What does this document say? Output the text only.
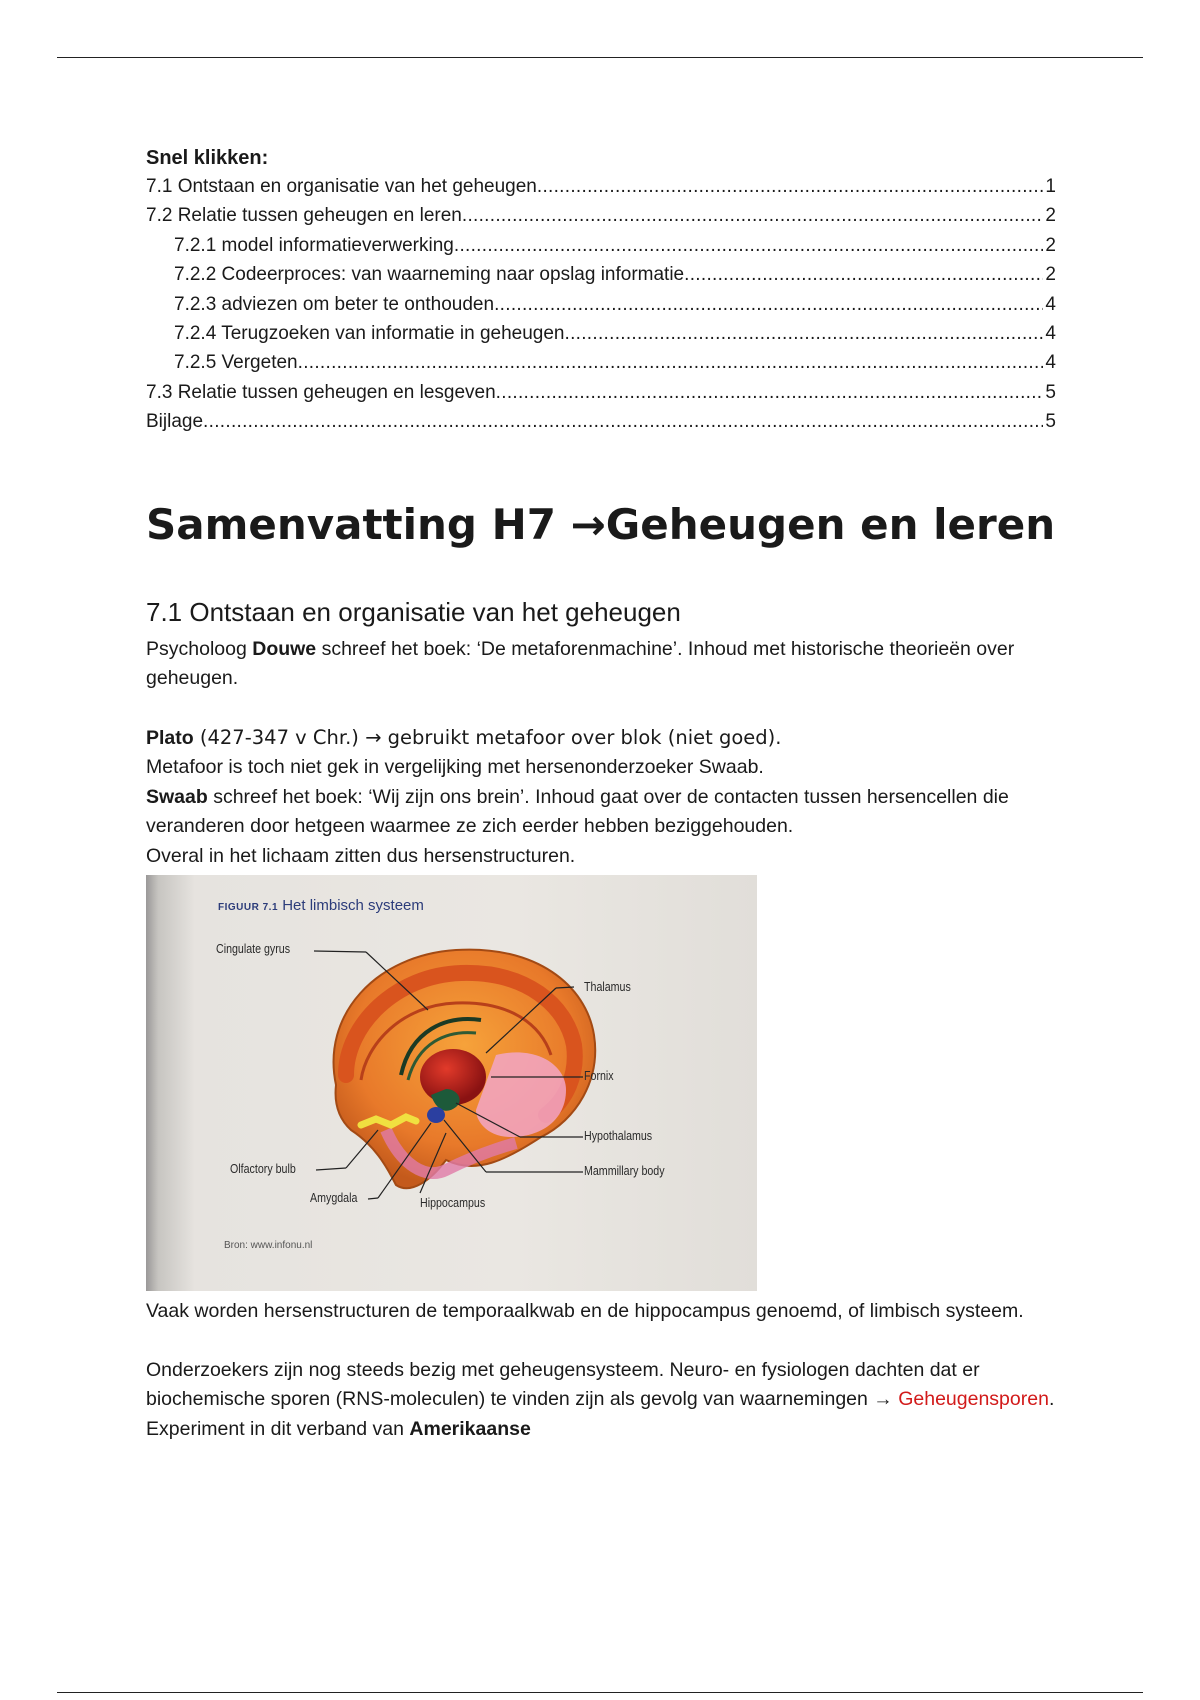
Snel klikken:

7.1 Ontstaan en organisatie van het geheugen .....	1
7.2 Relatie tussen geheugen en leren .....	2
7.2.1 model informatieverwerking .....	2
7.2.2 Codeerproces: van waarneming naar opslag informatie .....	2
7.2.3 adviezen om beter te onthouden .....	4
7.2.4 Terugzoeken van informatie in geheugen .....	4
7.2.5 Vergeten .....	4
7.3 Relatie tussen geheugen en lesgeven .....	5
Bijlage .....	5
Samenvatting H7 →Geheugen en leren
7.1 Ontstaan en organisatie van het geheugen

Psycholoog Douwe schreef het boek: ‘De metaforenmachine’. Inhoud met historische theorieën over geheugen.

Plato (427-347 v Chr.) → gebruikt metafoor over blok (niet goed).

Metafoor is toch niet gek in vergelijking met hersenonderzoeker Swaab.

Swaab schreef het boek: ‘Wij zijn ons brein’. Inhoud gaat over de contacten tussen hersencellen die veranderen door hetgeen waarmee ze zich eerder hebben beziggehouden.

Overal in het lichaam zitten dus hersenstructuren.

FIGUUR 7.1 Het limbisch systeem
Cingulate gyrus
Thalamus
Fornix
Hypothalamus
Mammillary body
Olfactory bulb
Amygdala	Hippocampus
Bron: www.infonu.nl

Vaak worden hersenstructuren de temporaalkwab en de hippocampus genoemd, of limbisch systeem.

Onderzoekers zijn nog steeds bezig met geheugensysteem. Neuro- en fysiologen dachten dat er biochemische sporen (RNS-moleculen) te vinden zijn als gevolg van waarnemingen → Geheugensporen. Experiment in dit verband van Amerikaanse
